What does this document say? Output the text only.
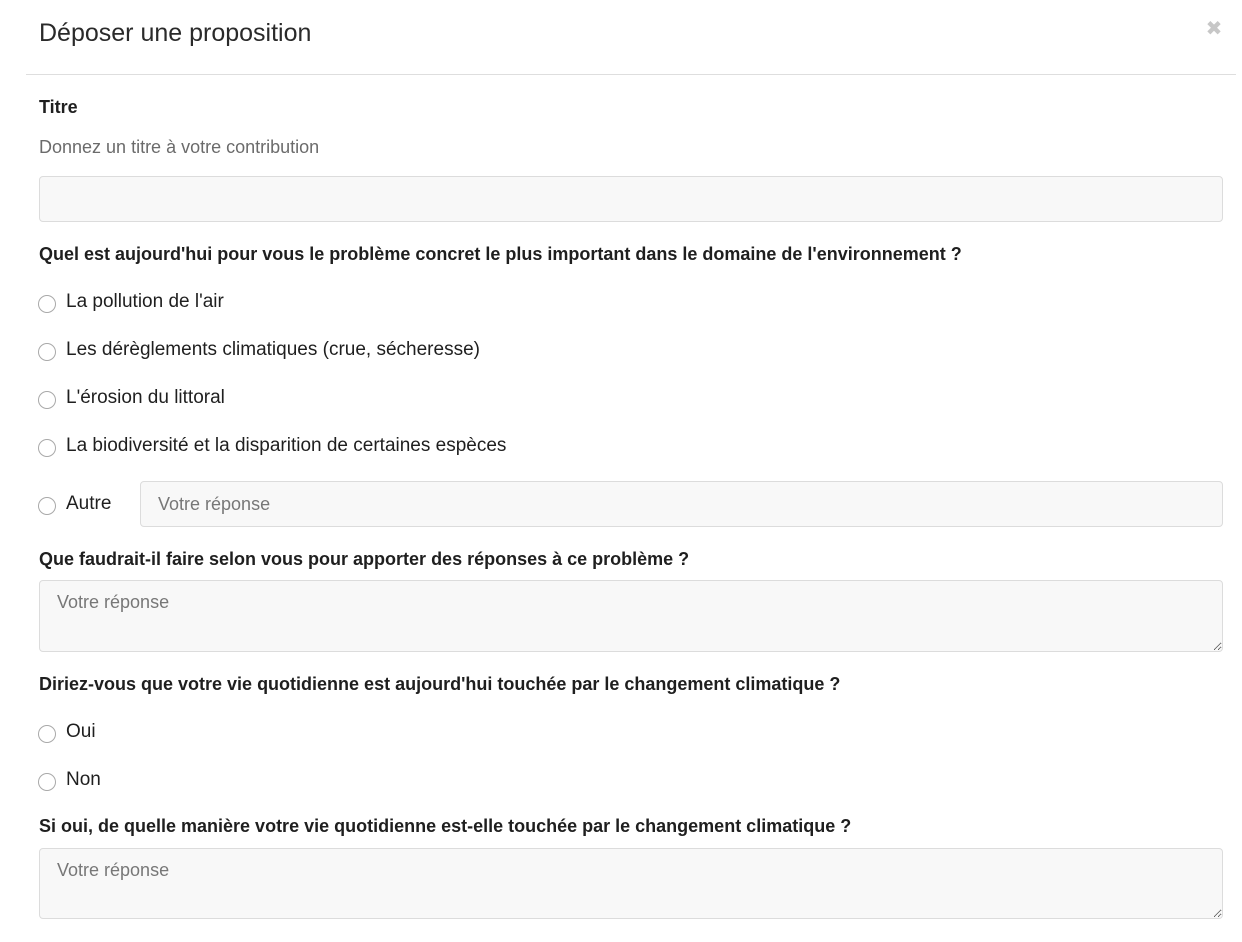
Déposer une proposition	✖
Titre
Donnez un titre à votre contribution
Quel est aujourd'hui pour vous le problème concret le plus important dans le domaine de l'environnement ?
La pollution de l'air
Les dérèglements climatiques (crue, sécheresse)
L'érosion du littoral
La biodiversité et la disparition de certaines espèces
Autre
Votre réponse
Que faudrait-il faire selon vous pour apporter des réponses à ce problème ?
Votre réponse
Diriez-vous que votre vie quotidienne est aujourd'hui touchée par le changement climatique ?
Oui
Non
Si oui, de quelle manière votre vie quotidienne est-elle touchée par le changement climatique ?
Votre réponse
